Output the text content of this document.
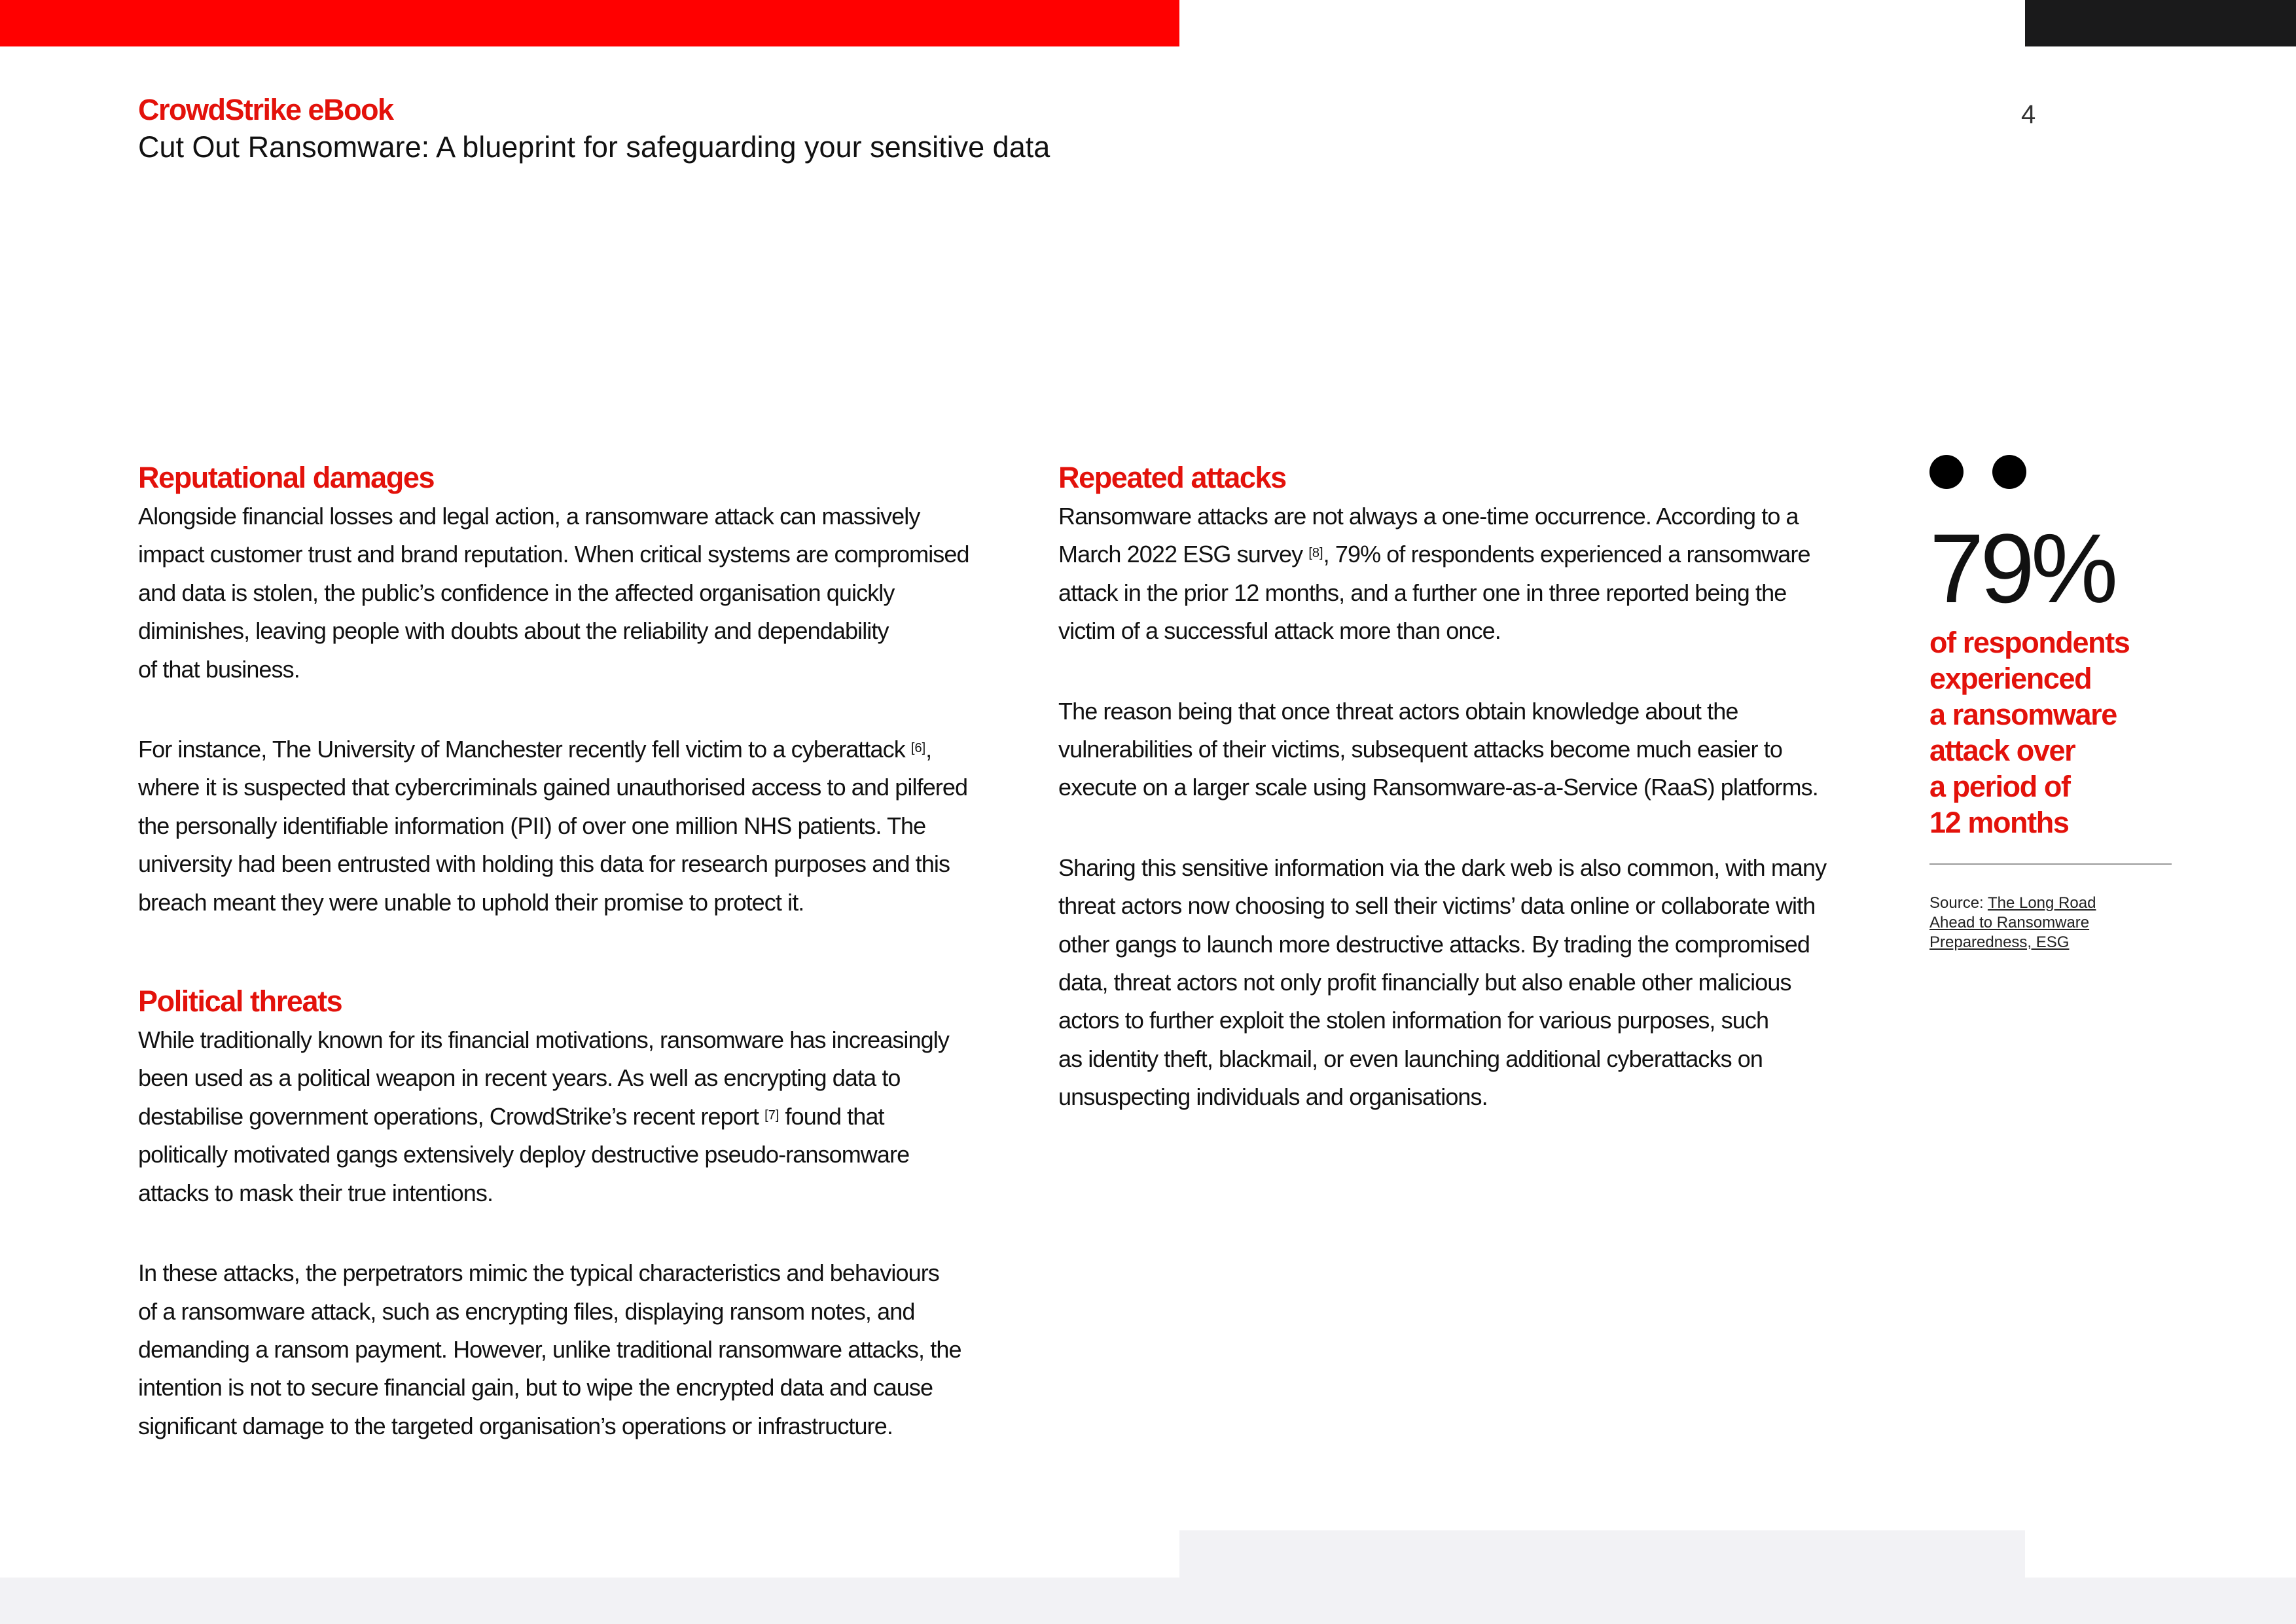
CrowdStrike eBook
Cut Out Ransomware: A blueprint for safeguarding your sensitive data
4
Reputational damages

Alongside financial losses and legal action, a ransomware attack can massively
impact customer trust and brand reputation. When critical systems are compromised
and data is stolen, the public’s confidence in the affected organisation quickly
diminishes, leaving people with doubts about the reliability and dependability
of that business.

For instance, The University of Manchester recently fell victim to a cyberattack [6],
where it is suspected that cybercriminals gained unauthorised access to and pilfered
the personally identifiable information (PII) of over one million NHS patients. The
university had been entrusted with holding this data for research purposes and this
breach meant they were unable to uphold their promise to protect it.

Political threats

While traditionally known for its financial motivations, ransomware has increasingly
been used as a political weapon in recent years. As well as encrypting data to
destabilise government operations, CrowdStrike’s recent report [7] found that
politically motivated gangs extensively deploy destructive pseudo-ransomware
attacks to mask their true intentions.

In these attacks, the perpetrators mimic the typical characteristics and behaviours
of a ransomware attack, such as encrypting files, displaying ransom notes, and
demanding a ransom payment. However, unlike traditional ransomware attacks, the
intention is not to secure financial gain, but to wipe the encrypted data and cause
significant damage to the targeted organisation’s operations or infrastructure.

Repeated attacks

Ransomware attacks are not always a one-time occurrence. According to a
March 2022 ESG survey [8], 79% of respondents experienced a ransomware
attack in the prior 12 months, and a further one in three reported being the
victim of a successful attack more than once.

The reason being that once threat actors obtain knowledge about the
vulnerabilities of their victims, subsequent attacks become much easier to
execute on a larger scale using Ransomware-as-a-Service (RaaS) platforms.

Sharing this sensitive information via the dark web is also common, with many
threat actors now choosing to sell their victims’ data online or collaborate with
other gangs to launch more destructive attacks. By trading the compromised
data, threat actors not only profit financially but also enable other malicious
actors to further exploit the stolen information for various purposes, such
as identity theft, blackmail, or even launching additional cyberattacks on
unsuspecting individuals and organisations.

79%
of respondents
experienced
a ransomware
attack over
a period of
12 months
Source: The Long Road
Ahead to Ransomware
Preparedness, ESG
